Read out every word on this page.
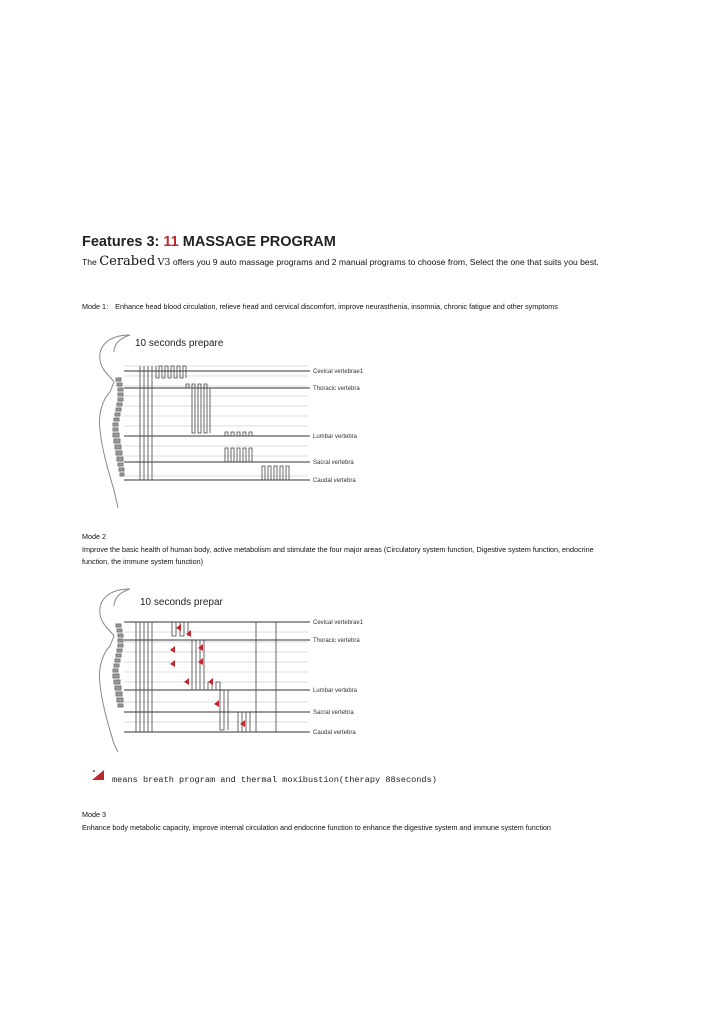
Features 3: 11 MASSAGE PROGRAM
The Cerabed V3 offers you 9 auto massage programs and 2 manual programs to choose from, Select the one that suits you best.
Mode 1： Enhance head blood circulation, relieve head and cervical discomfort, improve neurasthenia, insomnia, chronic fatigue and other symptoms
10 seconds prepare
Cevical vertebrae1
Thoracic vertebra
Lumbar vertebra
Sacral vertebra
Caudal vertebra
Mode 2
Improve the basic health of human body, active metabolism and stimulate the four major areas (Circulatory system function, Digestive system function, endocrine function, the immune system function)
10 seconds prepar
Cevical vertebrae1
Thoracic vertebra
Lumbar vertebra
Sacral vertebra
Caudal vertebra
means breath program and thermal moxibustion(therapy 88seconds)
Mode 3
Enhance body metabolic capacity, improve internal circulation and endocrine function to enhance the digestive system and immune system function
